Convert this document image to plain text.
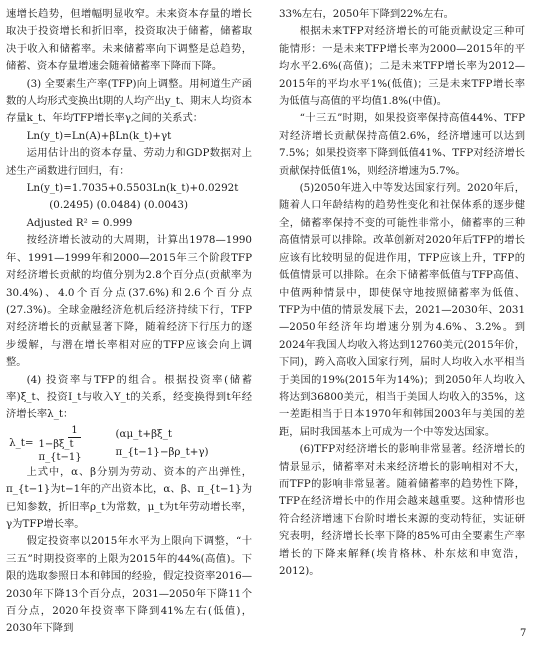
速增长趋势，但增幅明显收窄。未来资本存量的增长取决于投资增长和折旧率，投资取决于储蓄，储蓄取决于收入和储蓄率。未来储蓄率向下调整是总趋势，储蓄、资本存量增速会随着储蓄率下降而下降。

(3) 全要素生产率(TFP)向上调整。用柯道生产函数的人均形式变换出t期的人均产出y_t、期末人均资本存量k_t、年均TFP增长率γ之间的关系式：

Ln(y_t)=Ln(A)+βLn(k_t)+γt

运用估计出的资本存量、劳动力和GDP数据对上述生产函数进行回归，有：

Ln(y_t)=1.7035+0.5503Ln(k_t)+0.0292t

(0.2495) (0.0484) (0.0043)

Adjusted R² = 0.999

按经济增长波动的大周期，计算出1978—1990年、1991—1999年和2000—2015年三个阶段TFP对经济增长贡献的均值分别为2.8个百分点(贡献率为30.4%)、4.0个百分点(37.6%)和2.6个百分点(27.3%)。全球金融经济危机后经济持续下行，TFP对经济增长的贡献显著下降，随着经济下行压力的逐步缓解，与潜在增长率相对应的TFP应该会向上调整。

(4) 投资率与TFP的组合。根据投资率(储蓄率)ξ_t、投资I_t与收入Y_t的关系，经变换得到t年经济增长率λ_t：

λ_t= $\frac{1}{\text{1−βξ\_t π\_\{t−1\}}}$ (αμ_t+βξ_t π_{t−1}−βρ_t+γ)

上式中，α、β分别为劳动、资本的产出弹性，π_{t−1}为t−1年的产出资本比，α、β、π_{t−1}为已知参数，折旧率ρ_t为常数，μ_t为t年劳动增长率，γ为TFP增长率。

假定投资率以2015年水平为上限向下调整，“十三五”时期投资率的上限为2015年的44%(高值)。下限的选取参照日本和韩国的经验，假定投资率2016—2030年下降13个百分点，2031—2050年下降11个百分点，2020年投资率下降到41%左右(低值)，2030年下降到

33%左右，2050年下降到22%左右。

根据未来TFP对经济增长的可能贡献设定三种可能情形：一是未来TFP增长率为2000—2015年的平均水平2.6%(高值)；二是未来TFP增长率为2012—2015年的平均水平1%(低值)；三是未来TFP增长率为低值与高值的平均值1.8%(中值)。

“十三五”时期，如果投资率保持高值44%、TFP对经济增长贡献保持高值2.6%，经济增速可以达到7.5%；如果投资率下降到低值41%、TFP对经济增长贡献保持低值1%，则经济增速为5.7%。

(5)2050年进入中等发达国家行列。2020年后，随着人口年龄结构的趋势性变化和社保体系的逐步健全，储蓄率保持不变的可能性非常小，储蓄率的三种高值情景可以排除。改革创新对2020年后TFP的增长应该有比较明显的促进作用，TFP应该上升，TFP的低值情景可以排除。在余下储蓄率低值与TFP高值、中值两种情景中，即使保守地按照储蓄率为低值、TFP为中值的情景发展下去，2021—2030年、2031—2050年经济年均增速分别为4.6%、3.2%。到2024年我国人均收入将达到12760美元(2015年价，下同)，跨入高收入国家行列，届时人均收入水平相当于美国的19%(2015年为14%)；到2050年人均收入将达到36800美元，相当于美国人均收入的35%，这一差距相当于日本1970年和韩国2003年与美国的差距，届时我国基本上可成为一个中等发达国家。

(6)TFP对经济增长的影响非常显著。经济增长的情景显示，储蓄率对未来经济增长的影响相对不大，而TFP的影响非常显著。随着储蓄率的趋势性下降，TFP在经济增长中的作用会越来越重要。这种情形也符合经济增速下台阶时增长来源的变动特征，实证研究表明，经济增长长率下降的85%可由全要素生产率增长的下降来解释(埃肯格林、朴东炫和申宽浩，2012)。

7
